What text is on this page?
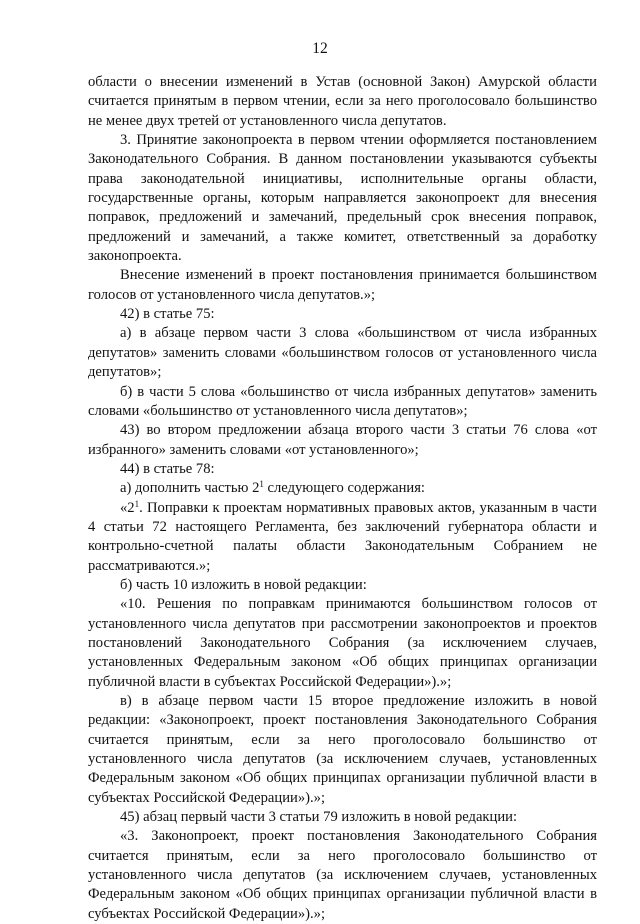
12

области о внесении изменений в Устав (основной Закон) Амурской области считается принятым в первом чтении, если за него проголосовало большинство не менее двух третей от установленного числа депутатов.

3. Принятие законопроекта в первом чтении оформляется постановлением Законодательного Собрания. В данном постановлении указываются субъекты права законодательной инициативы, исполнительные органы области, государственные органы, которым направляется законопроект для внесения поправок, предложений и замечаний, предельный срок внесения поправок, предложений и замечаний, а также комитет, ответственный за доработку законопроекта.

Внесение изменений в проект постановления принимается большинством голосов от установленного числа депутатов.»;

42) в статье 75:

а) в абзаце первом части 3 слова «большинством от числа избранных депутатов» заменить словами «большинством голосов от установленного числа депутатов»;

б) в части 5 слова «большинство от числа избранных депутатов» заменить словами «большинство от установленного числа депутатов»;

43) во втором предложении абзаца второго части 3 статьи 76 слова «от избранного» заменить словами «от установленного»;

44) в статье 78:

а) дополнить частью $2^1$ следующего содержания:

«$2^1$. Поправки к проектам нормативных правовых актов, указанным в части 4 статьи 72 настоящего Регламента, без заключений губернатора области и контрольно-счетной палаты области Законодательным Собранием не рассматриваются.»;

б) часть 10 изложить в новой редакции:

«10. Решения по поправкам принимаются большинством голосов от установленного числа депутатов при рассмотрении законопроектов и проектов постановлений Законодательного Собрания (за исключением случаев, установленных Федеральным законом «Об общих принципах организации публичной власти в субъектах Российской Федерации»).»;

в) в абзаце первом части 15 второе предложение изложить в новой редакции: «Законопроект, проект постановления Законодательного Собрания считается принятым, если за него проголосовало большинство от установленного числа депутатов (за исключением случаев, установленных Федеральным законом «Об общих принципах организации публичной власти в субъектах Российской Федерации»).»;

45) абзац первый части 3 статьи 79 изложить в новой редакции:

«3. Законопроект, проект постановления Законодательного Собрания считается принятым, если за него проголосовало большинство от установленного числа депутатов (за исключением случаев, установленных Федеральным законом «Об общих принципах организации публичной власти в субъектах Российской Федерации»).»;
